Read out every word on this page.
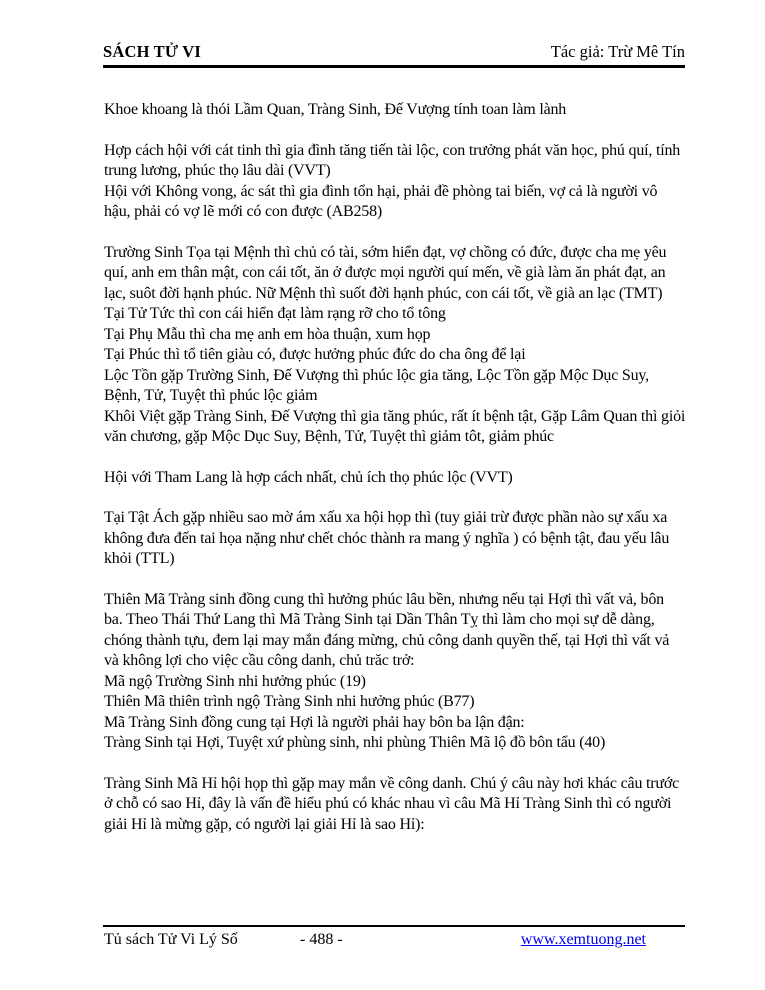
SÁCH TỬ VI	Tác giả: Trừ Mê Tín

Khoe khoang là thói Lầm Quan, Tràng Sinh, Đế Vượng tính toan làm lành

Hợp cách hội với cát tinh thì gia đình tăng tiến tài lộc, con trưởng phát văn học, phú quí, tính trung lương, phúc thọ lâu dài (VVT)

Hội với Không vong, ác sát thì gia đình tổn hại, phải đề phòng tai biến, vợ cả là người vô hậu, phải có vợ lẽ mới có con được (AB258)

Trường Sinh Tọa tại Mệnh thì chủ có tài, sớm hiển đạt, vợ chồng có đức, được cha mẹ yêu quí, anh em thân mật, con cái tốt, ăn ở được mọi người quí mến, về già làm ăn phát đạt, an lạc, suôt đời hạnh phúc. Nữ Mệnh thì suốt đời hạnh phúc, con cái tốt, về già an lạc (TMT)

Tại Tử Tức thì con cái hiển đạt làm rạng rỡ cho tổ tông

Tại Phụ Mẫu thì cha mẹ anh em hòa thuận, xum họp

Tại Phúc thì tổ tiên giàu có, được hưởng phúc đức do cha ông để lại

Lộc Tồn gặp Trường Sinh, Đế Vượng thì phúc lộc gia tăng, Lộc Tồn gặp Mộc Dục Suy, Bệnh, Tử, Tuyệt thì phúc lộc giảm

Khôi Việt gặp Tràng Sinh, Đế Vượng thì gia tăng phúc, rất ít bệnh tật, Gặp Lâm Quan thì giỏi văn chương, gặp Mộc Dục Suy, Bệnh, Tử, Tuyệt thì giảm tôt, giảm phúc

Hội với Tham Lang là hợp cách nhất, chủ ích thọ phúc lộc (VVT)

Tại Tật Ách gặp nhiều sao mờ ám xấu xa hội họp thì (tuy giải trừ được phần nào sự xấu xa không đưa đến tai họa nặng như chết chóc thành ra mang ý nghĩa ) có bệnh tật, đau yếu lâu khỏi (TTL)

Thiên Mã Tràng sinh đồng cung thì hưởng phúc lâu bền, nhưng nếu tại Hợi thì vất vả, bôn ba. Theo Thái Thứ Lang thì Mã Tràng Sinh tại Dần Thân Tỵ thì làm cho mọi sự dễ dàng, chóng thành tựu, đem lại may mắn đáng mừng, chủ công danh quyền thế, tại Hợi thì vất vả và không lợi cho việc cầu công danh, chủ trăc trở:

Mã ngộ Trường Sinh nhi hưởng phúc (19)

Thiên Mã thiên trình ngộ Tràng Sinh nhi hưởng phúc (B77)

Mã Tràng Sinh đồng cung tại Hợi là người phải hay bôn ba lận đận:

Tràng Sinh tại Hợi, Tuyệt xứ phùng sinh, nhi phùng Thiên Mã lộ đồ bôn tẩu (40)

Tràng Sinh Mã Hỉ hội họp thì gặp may mắn về công danh. Chú ý câu này hơi khác câu trước ở chỗ có sao Hỉ, đây là vấn đề hiểu phú có khác nhau vì câu Mã Hỉ Tràng Sinh thì có người giải Hỉ là mừng gặp, có người lại giải Hỉ là sao Hỉ):

Tủ sách Tử Vi Lý Số	- 488 -	www.xemtuong.net
